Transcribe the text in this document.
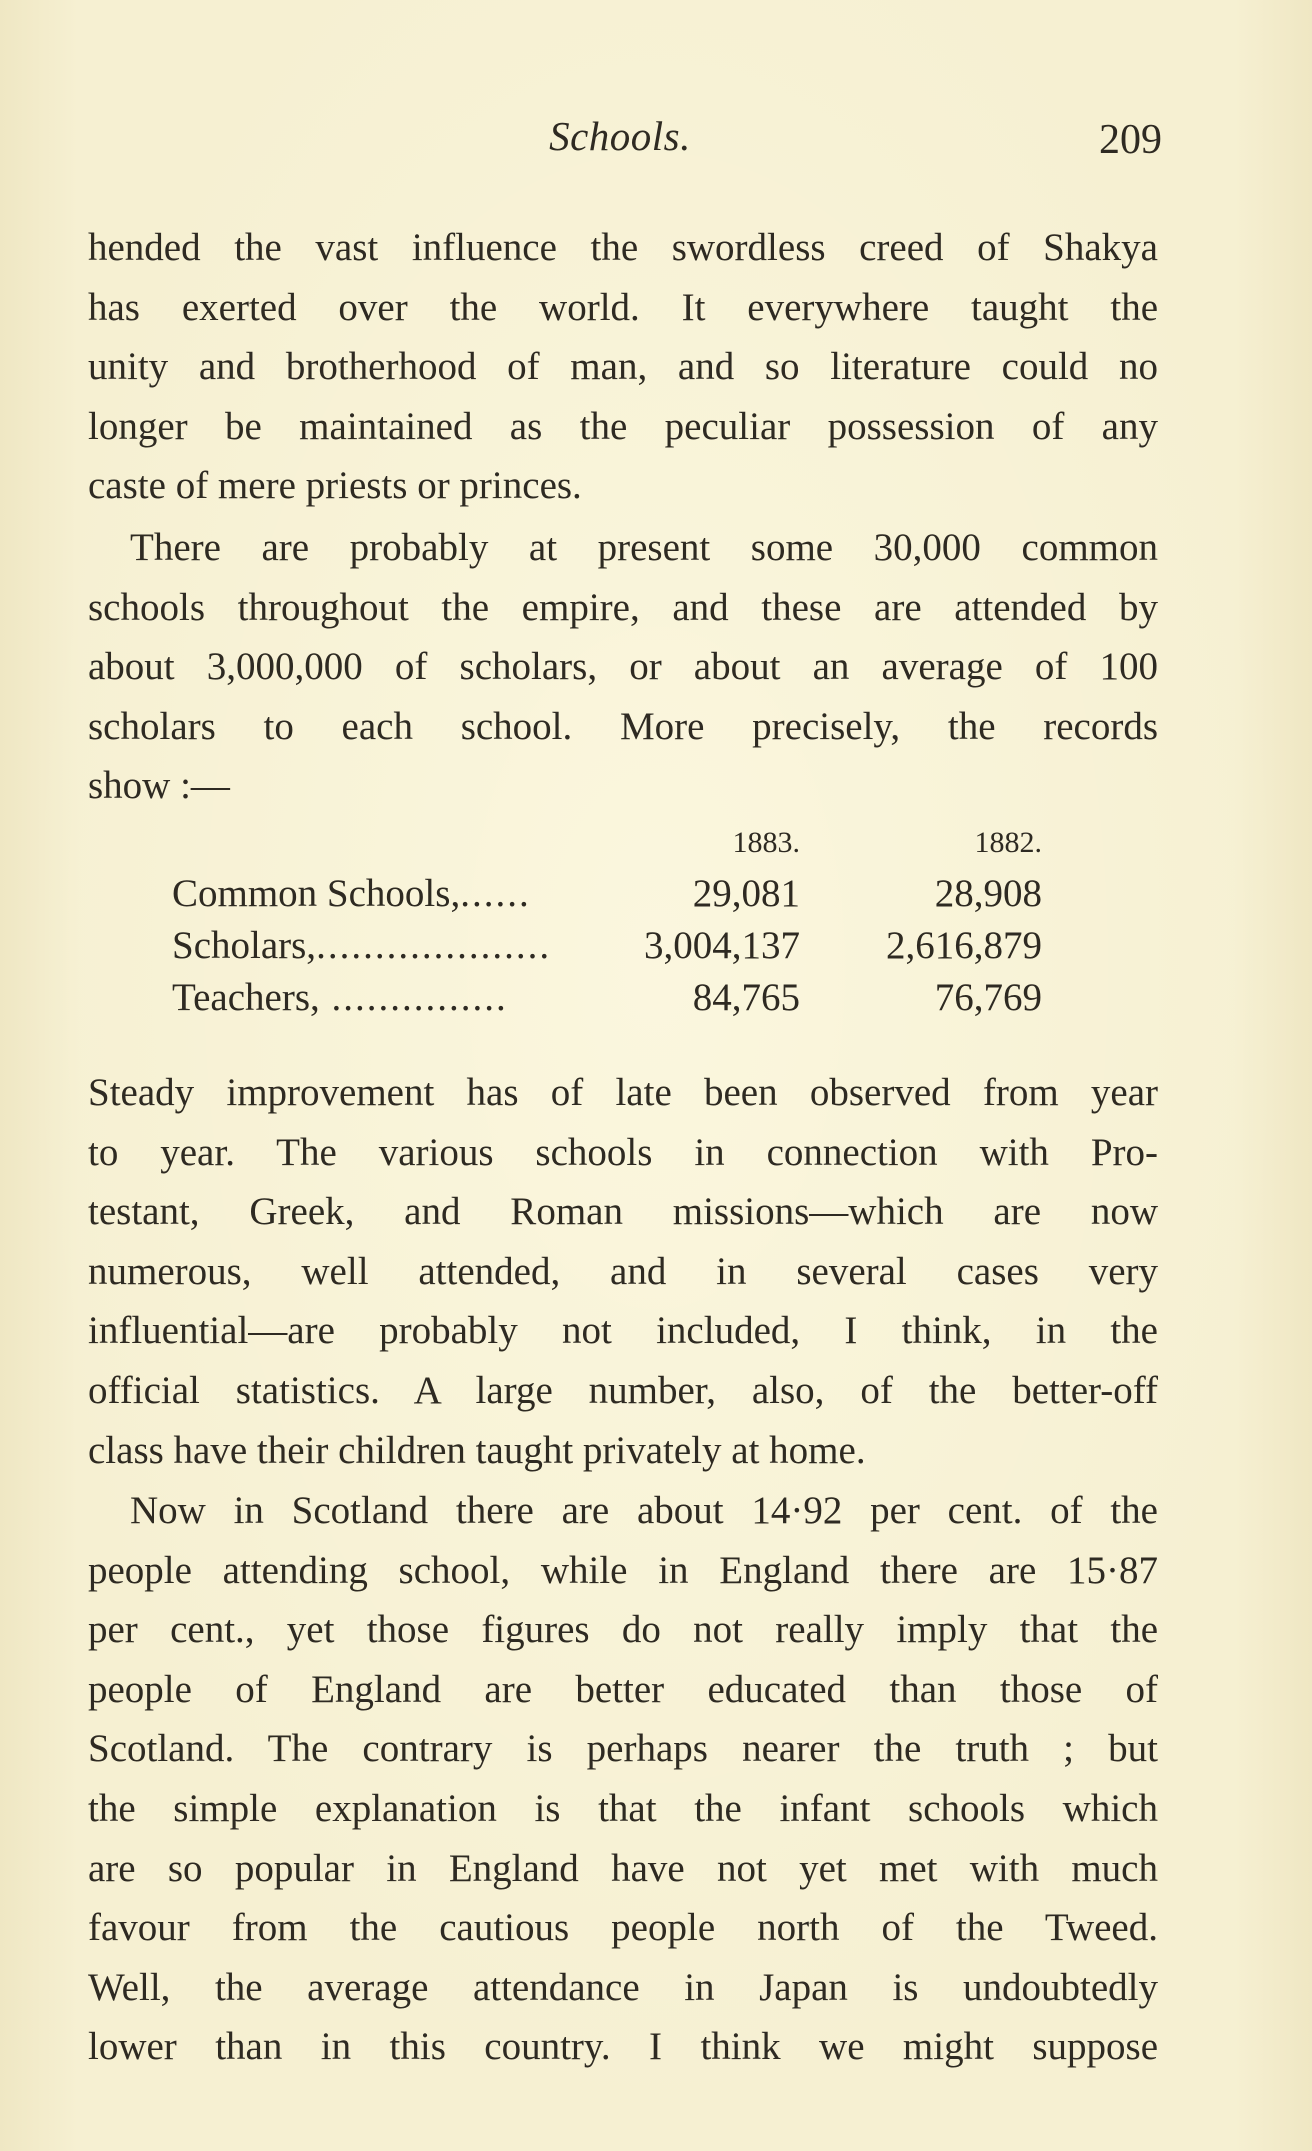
Schools.	209
hended the vast influence the swordless creed of Shakya
has exerted over the world. It everywhere taught the
unity and brotherhood of man, and so literature could no
longer be maintained as the peculiar possession of any
caste of mere priests or princes.
There are probably at present some 30,000 common
schools throughout the empire, and these are attended by
about 3,000,000 of scholars, or about an average of 100
scholars to each school. More precisely, the records
show :—
1883.	1882.
Common Schools,......	29,081	28,908
Scholars,....................	3,004,137 2,616,879
Teachers, ...............	84,765	76,769
Steady improvement has of late been observed from year
to year. The various schools in connection with Pro-
testant, Greek, and Roman missions—which are now
numerous, well attended, and in several cases very
influential—are probably not included, I think, in the
official statistics. A large number, also, of the better-off
class have their children taught privately at home.
Now in Scotland there are about 14·92 per cent. of the
people attending school, while in England there are 15·87
per cent., yet those figures do not really imply that the
people of England are better educated than those of
Scotland. The contrary is perhaps nearer the truth ; but
the simple explanation is that the infant schools which
are so popular in England have not yet met with much
favour from the cautious people north of the Tweed.
Well, the average attendance in Japan is undoubtedly
lower than in this country. I think we might suppose
